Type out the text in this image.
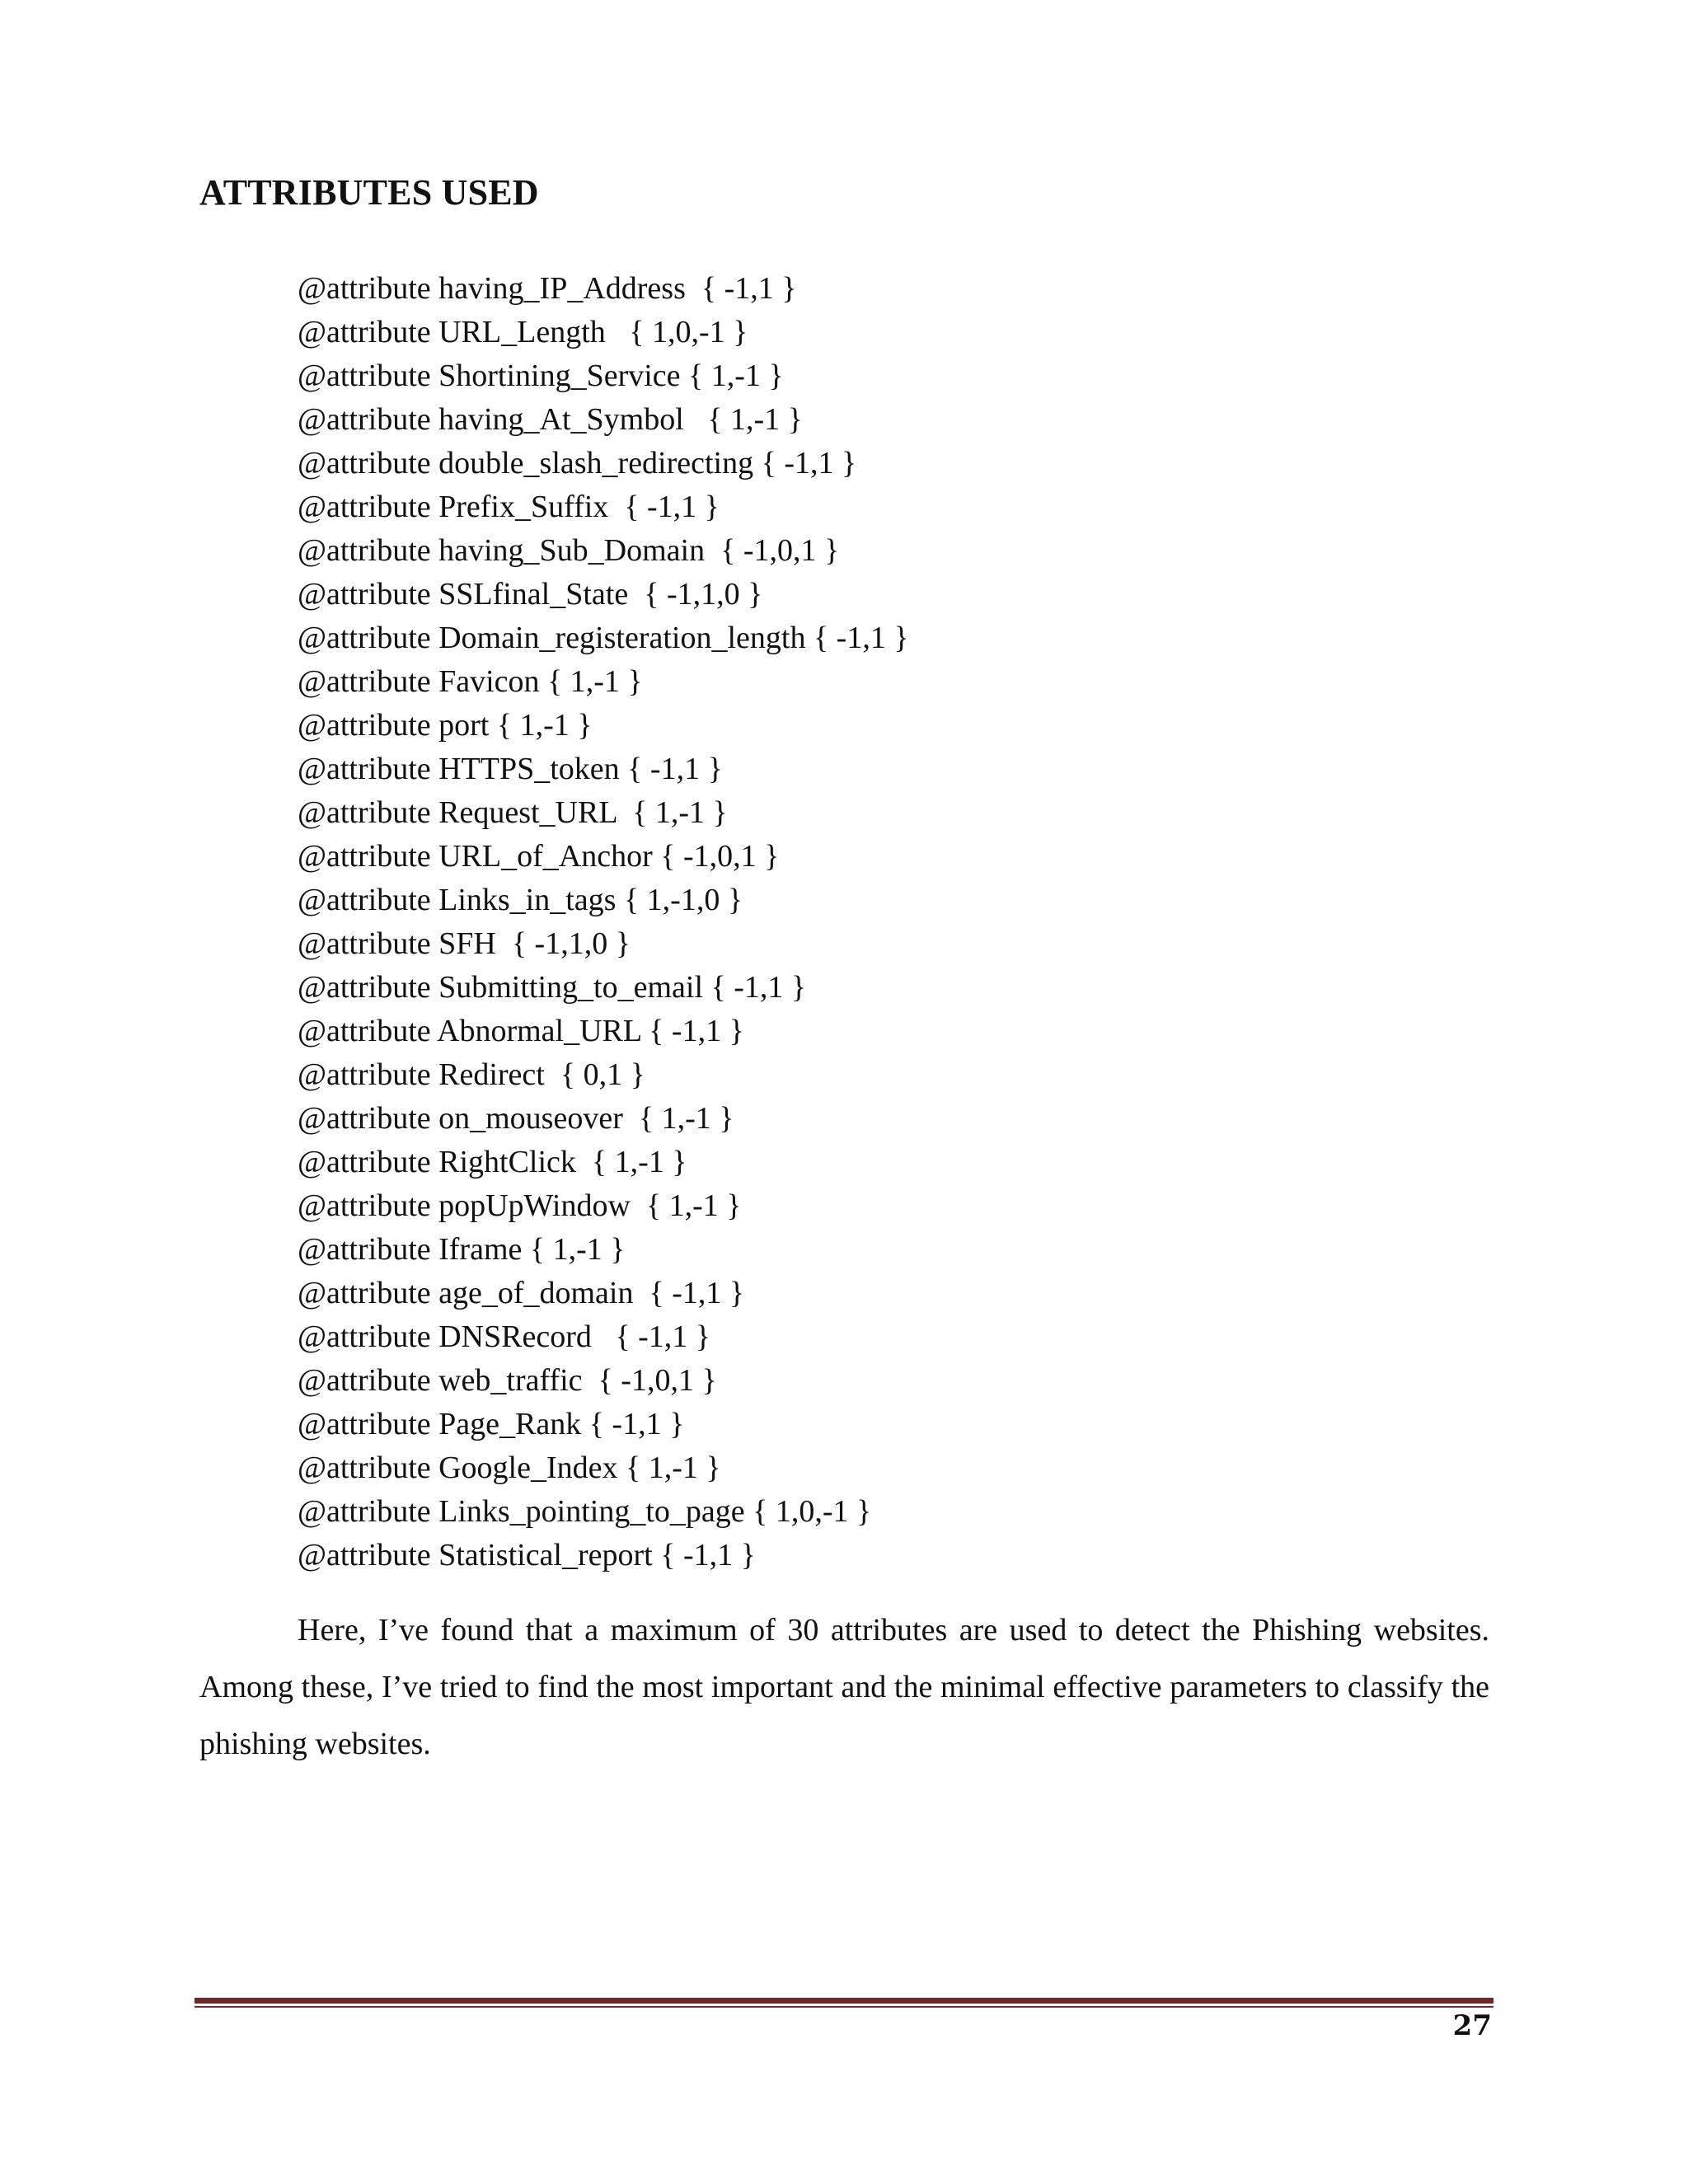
ATTRIBUTES USED
@attribute having_IP_Address  { -1,1 }
@attribute URL_Length   { 1,0,-1 }
@attribute Shortining_Service { 1,-1 }
@attribute having_At_Symbol   { 1,-1 }
@attribute double_slash_redirecting { -1,1 }
@attribute Prefix_Suffix  { -1,1 }
@attribute having_Sub_Domain  { -1,0,1 }
@attribute SSLfinal_State  { -1,1,0 }
@attribute Domain_registeration_length { -1,1 }
@attribute Favicon { 1,-1 }
@attribute port { 1,-1 }
@attribute HTTPS_token { -1,1 }
@attribute Request_URL  { 1,-1 }
@attribute URL_of_Anchor { -1,0,1 }
@attribute Links_in_tags { 1,-1,0 }
@attribute SFH  { -1,1,0 }
@attribute Submitting_to_email { -1,1 }
@attribute Abnormal_URL { -1,1 }
@attribute Redirect  { 0,1 }
@attribute on_mouseover  { 1,-1 }
@attribute RightClick  { 1,-1 }
@attribute popUpWindow  { 1,-1 }
@attribute Iframe { 1,-1 }
@attribute age_of_domain  { -1,1 }
@attribute DNSRecord   { -1,1 }
@attribute web_traffic  { -1,0,1 }
@attribute Page_Rank { -1,1 }
@attribute Google_Index { 1,-1 }
@attribute Links_pointing_to_page { 1,0,-1 }
@attribute Statistical_report { -1,1 }

Here, I’ve found that a maximum of 30 attributes are used to detect the Phishing websites. Among these, I’ve tried to find the most important and the minimal effective parameters to classify the phishing websites.

27
